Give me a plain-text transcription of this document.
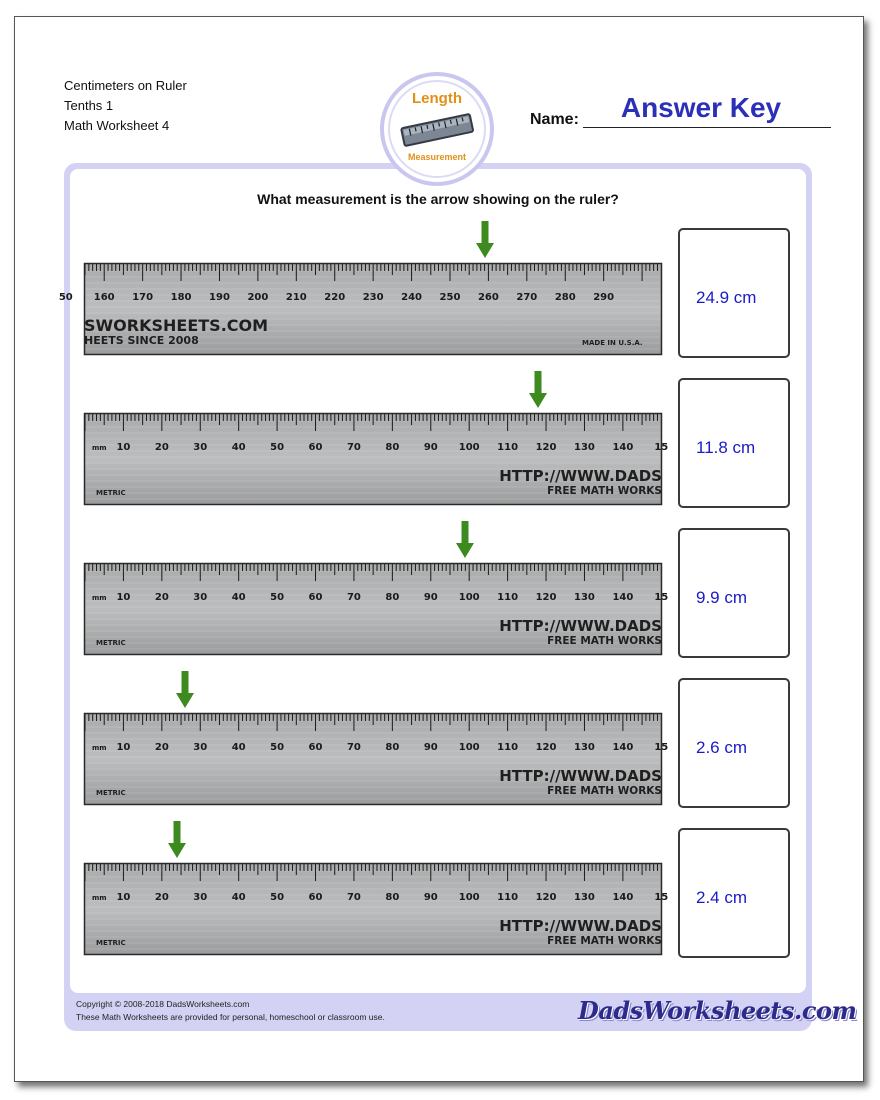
Centimeters on Ruler
Tenths 1
Math Worksheet 4
Length
Measurement
Name:	Answer Key
What measurement is the arrow showing on the ruler?
50 160 170 180 190 200 210 220 230 240 250 260 270 280 290
SWORKSHEETS.COM
HEETS SINCE 2008	MADE IN U.S.A.
24.9 cm
10 20 30 40 50 60 70 80 90 100 110 120 130 140 15
mm
HTTP://WWW.DADS
FREE MATH WORKS
METRIC
11.8 cm
10 20 30 40 50 60 70 80 90 100 110 120 130 140 15
mm
HTTP://WWW.DADS
FREE MATH WORKS
METRIC
9.9 cm
10 20 30 40 50 60 70 80 90 100 110 120 130 140 15
mm
HTTP://WWW.DADS
FREE MATH WORKS
METRIC
2.6 cm
10 20 30 40 50 60 70 80 90 100 110 120 130 140 15
mm
HTTP://WWW.DADS
FREE MATH WORKS
METRIC
2.4 cm
Copyright © 2008-2018 DadsWorksheets.com
These Math Worksheets are provided for personal, homeschool or classroom use.	DadsWorksheets.com
